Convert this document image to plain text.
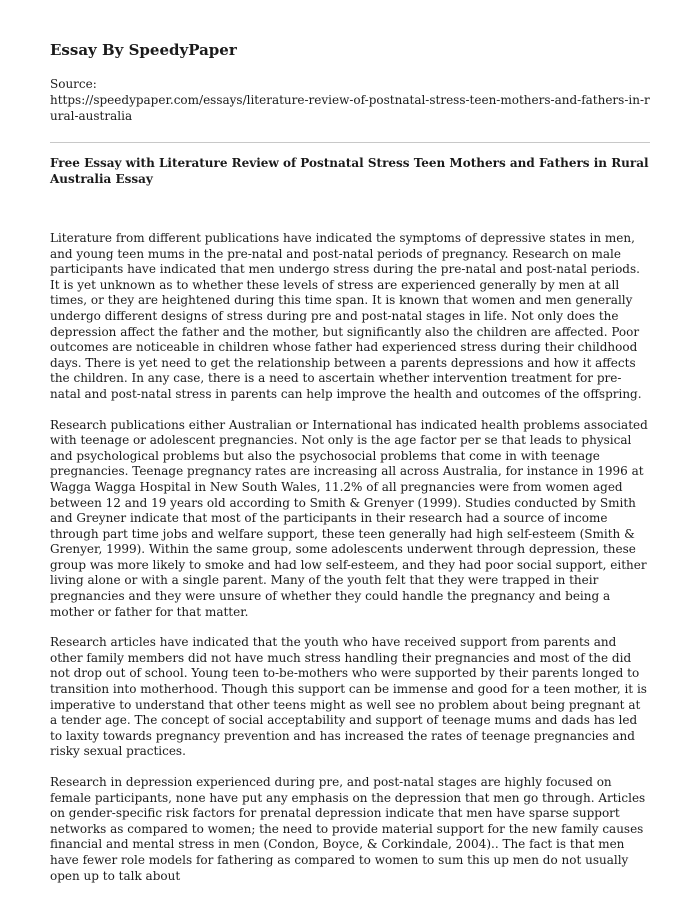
Essay By SpeedyPaper
Source:
https://speedypaper.com/essays/literature-review-of-postnatal-stress-teen-mothers-and-fathers-in-rural-australia
Free Essay with Literature Review of Postnatal Stress Teen Mothers and Fathers in Rural Australia Essay

Literature from different publications have indicated the symptoms of depressive states in men, and young teen mums in the pre-natal and post-natal periods of pregnancy. Research on male participants have indicated that men undergo stress during the pre-natal and post-natal periods. It is yet unknown as to whether these levels of stress are experienced generally by men at all times, or they are heightened during this time span. It is known that women and men generally undergo different designs of stress during pre and post-natal stages in life. Not only does the depression affect the father and the mother, but significantly also the children are affected. Poor outcomes are noticeable in children whose father had experienced stress during their childhood days. There is yet need to get the relationship between a parents depressions and how it affects the children. In any case, there is a need to ascertain whether intervention treatment for pre-natal and post-natal stress in parents can help improve the health and outcomes of the offspring.

Research publications either Australian or International has indicated health problems associated with teenage or adolescent pregnancies. Not only is the age factor per se that leads to physical and psychological problems but also the psychosocial problems that come in with teenage pregnancies. Teenage pregnancy rates are increasing all across Australia, for instance in 1996 at Wagga Wagga Hospital in New South Wales, 11.2% of all pregnancies were from women aged between 12 and 19 years old according to Smith & Grenyer (1999). Studies conducted by Smith and Greyner indicate that most of the participants in their research had a source of income through part time jobs and welfare support, these teen generally had high self-esteem (Smith & Grenyer, 1999). Within the same group, some adolescents underwent through depression, these group was more likely to smoke and had low self-esteem, and they had poor social support, either living alone or with a single parent. Many of the youth felt that they were trapped in their pregnancies and they were unsure of whether they could handle the pregnancy and being a mother or father for that matter.

Research articles have indicated that the youth who have received support from parents and other family members did not have much stress handling their pregnancies and most of the did not drop out of school. Young teen to-be-mothers who were supported by their parents longed to transition into motherhood. Though this support can be immense and good for a teen mother, it is imperative to understand that other teens might as well see no problem about being pregnant at a tender age. The concept of social acceptability and support of teenage mums and dads has led to laxity towards pregnancy prevention and has increased the rates of teenage pregnancies and risky sexual practices.

Research in depression experienced during pre, and post-natal stages are highly focused on female participants, none have put any emphasis on the depression that men go through. Articles on gender-specific risk factors for prenatal depression indicate that men have sparse support networks as compared to women; the need to provide material support for the new family causes financial and mental stress in men (Condon, Boyce, & Corkindale, 2004).. The fact is that men have fewer role models for fathering as compared to women to sum this up men do not usually open up to talk about
